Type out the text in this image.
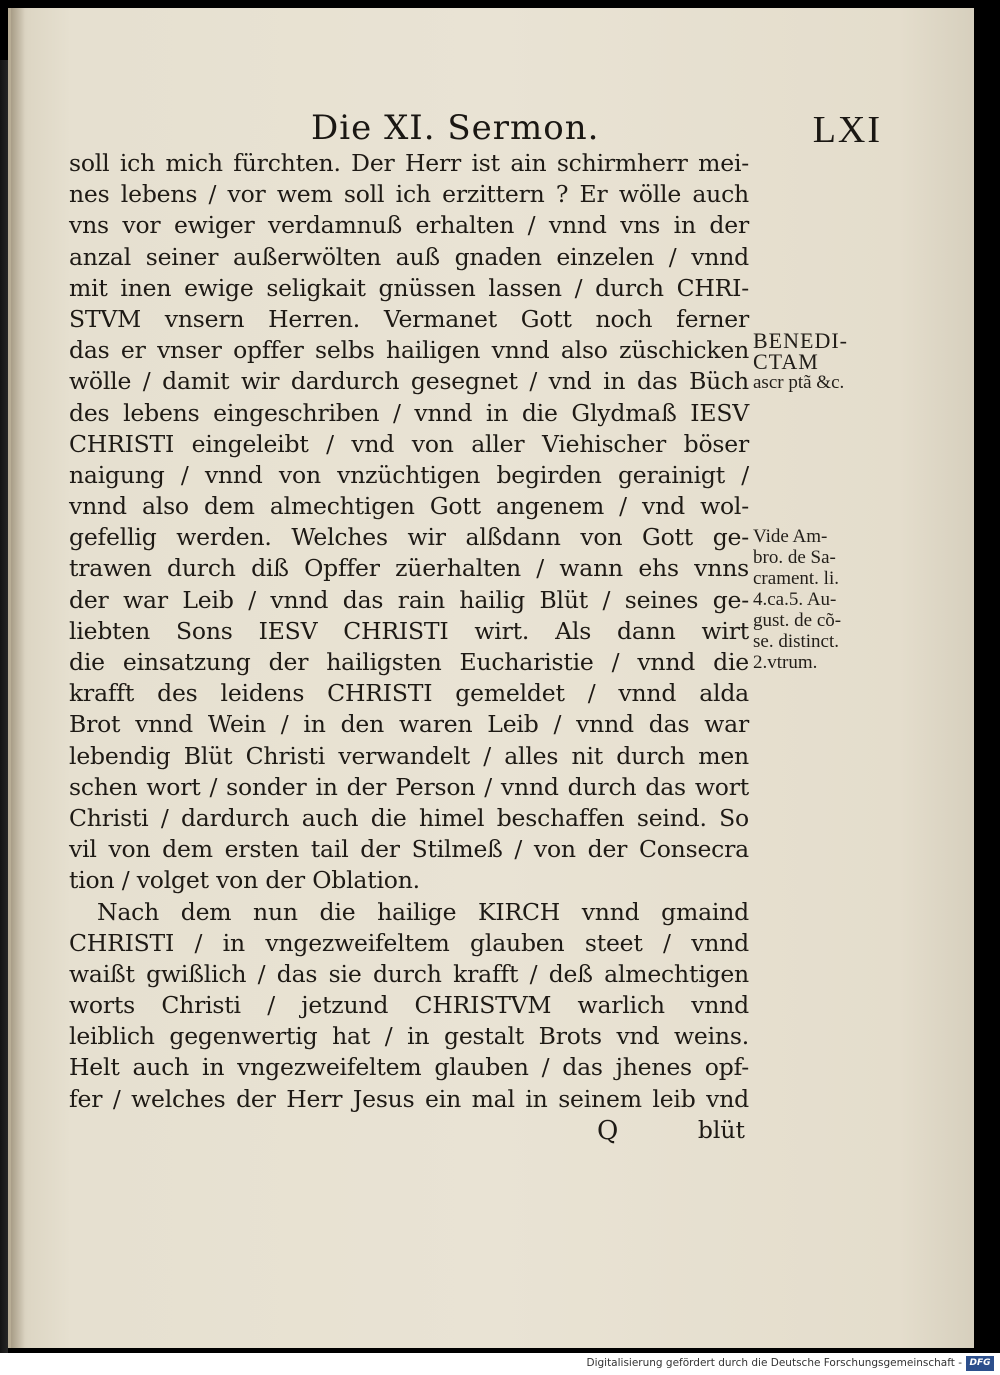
Die XI. Sermon.	LXI
soll ich mich fürchten. Der Herr ist ain schirmherr mei-
nes lebens / vor wem soll ich erzittern ? Er wölle auch
vns vor ewiger verdamnuß erhalten / vnnd vns in der
anzal seiner außerwölten auß gnaden einzelen / vnnd
mit inen ewige seligkait gnüssen lassen / durch CHRI-
STVM vnsern Herren. Vermanet Gott noch ferner
das er vnser opffer selbs hailigen vnnd also züschicken
wölle / damit wir dardurch gesegnet / vnd in das Büch
des lebens eingeschriben / vnnd in die Glydmaß IESV
CHRISTI eingeleibt / vnd von aller Viehischer böser
naigung / vnnd von vnzüchtigen begirden gerainigt /
vnnd also dem almechtigen Gott angenem / vnd wol-
gefellig werden. Welches wir alßdann von Gott ge-
trawen durch diß Opffer züerhalten / wann ehs vnns
der war Leib / vnnd das rain hailig Blüt / seines ge-
liebten Sons IESV CHRISTI wirt. Als dann wirt
die einsatzung der hailigsten Eucharistie / vnnd die
krafft des leidens CHRISTI gemeldet / vnnd alda
Brot vnnd Wein / in den waren Leib / vnnd das war
lebendig Blüt Christi verwandelt / alles nit durch men
schen wort / sonder in der Person / vnnd durch das wort
Christi / dardurch auch die himel beschaffen seind. So
vil von dem ersten tail der Stilmeß / von der Consecra
tion / volget von der Oblation.
Nach dem nun die hailige KIRCH vnnd gmaind
CHRISTI / in vngezweifeltem glauben steet / vnnd
waißt gwißlich / das sie durch krafft / deß almechtigen
worts Christi / jetzund CHRISTVM warlich vnnd
leiblich gegenwertig hat / in gestalt Brots vnd weins.
Helt auch in vngezweifeltem glauben / das jhenes opf-
fer / welches der Herr Jesus ein mal in seinem leib vnd
Q	blüt
BENEDI-
CTAM
ascr ptã &c.
Vide Am-
bro. de Sa-
crament. li.
4.ca.5. Au-
gust. de cõ-
se. distinct.
2.vtrum.
Digitalisierung gefördert durch die Deutsche Forschungsgemeinschaft - DFG
